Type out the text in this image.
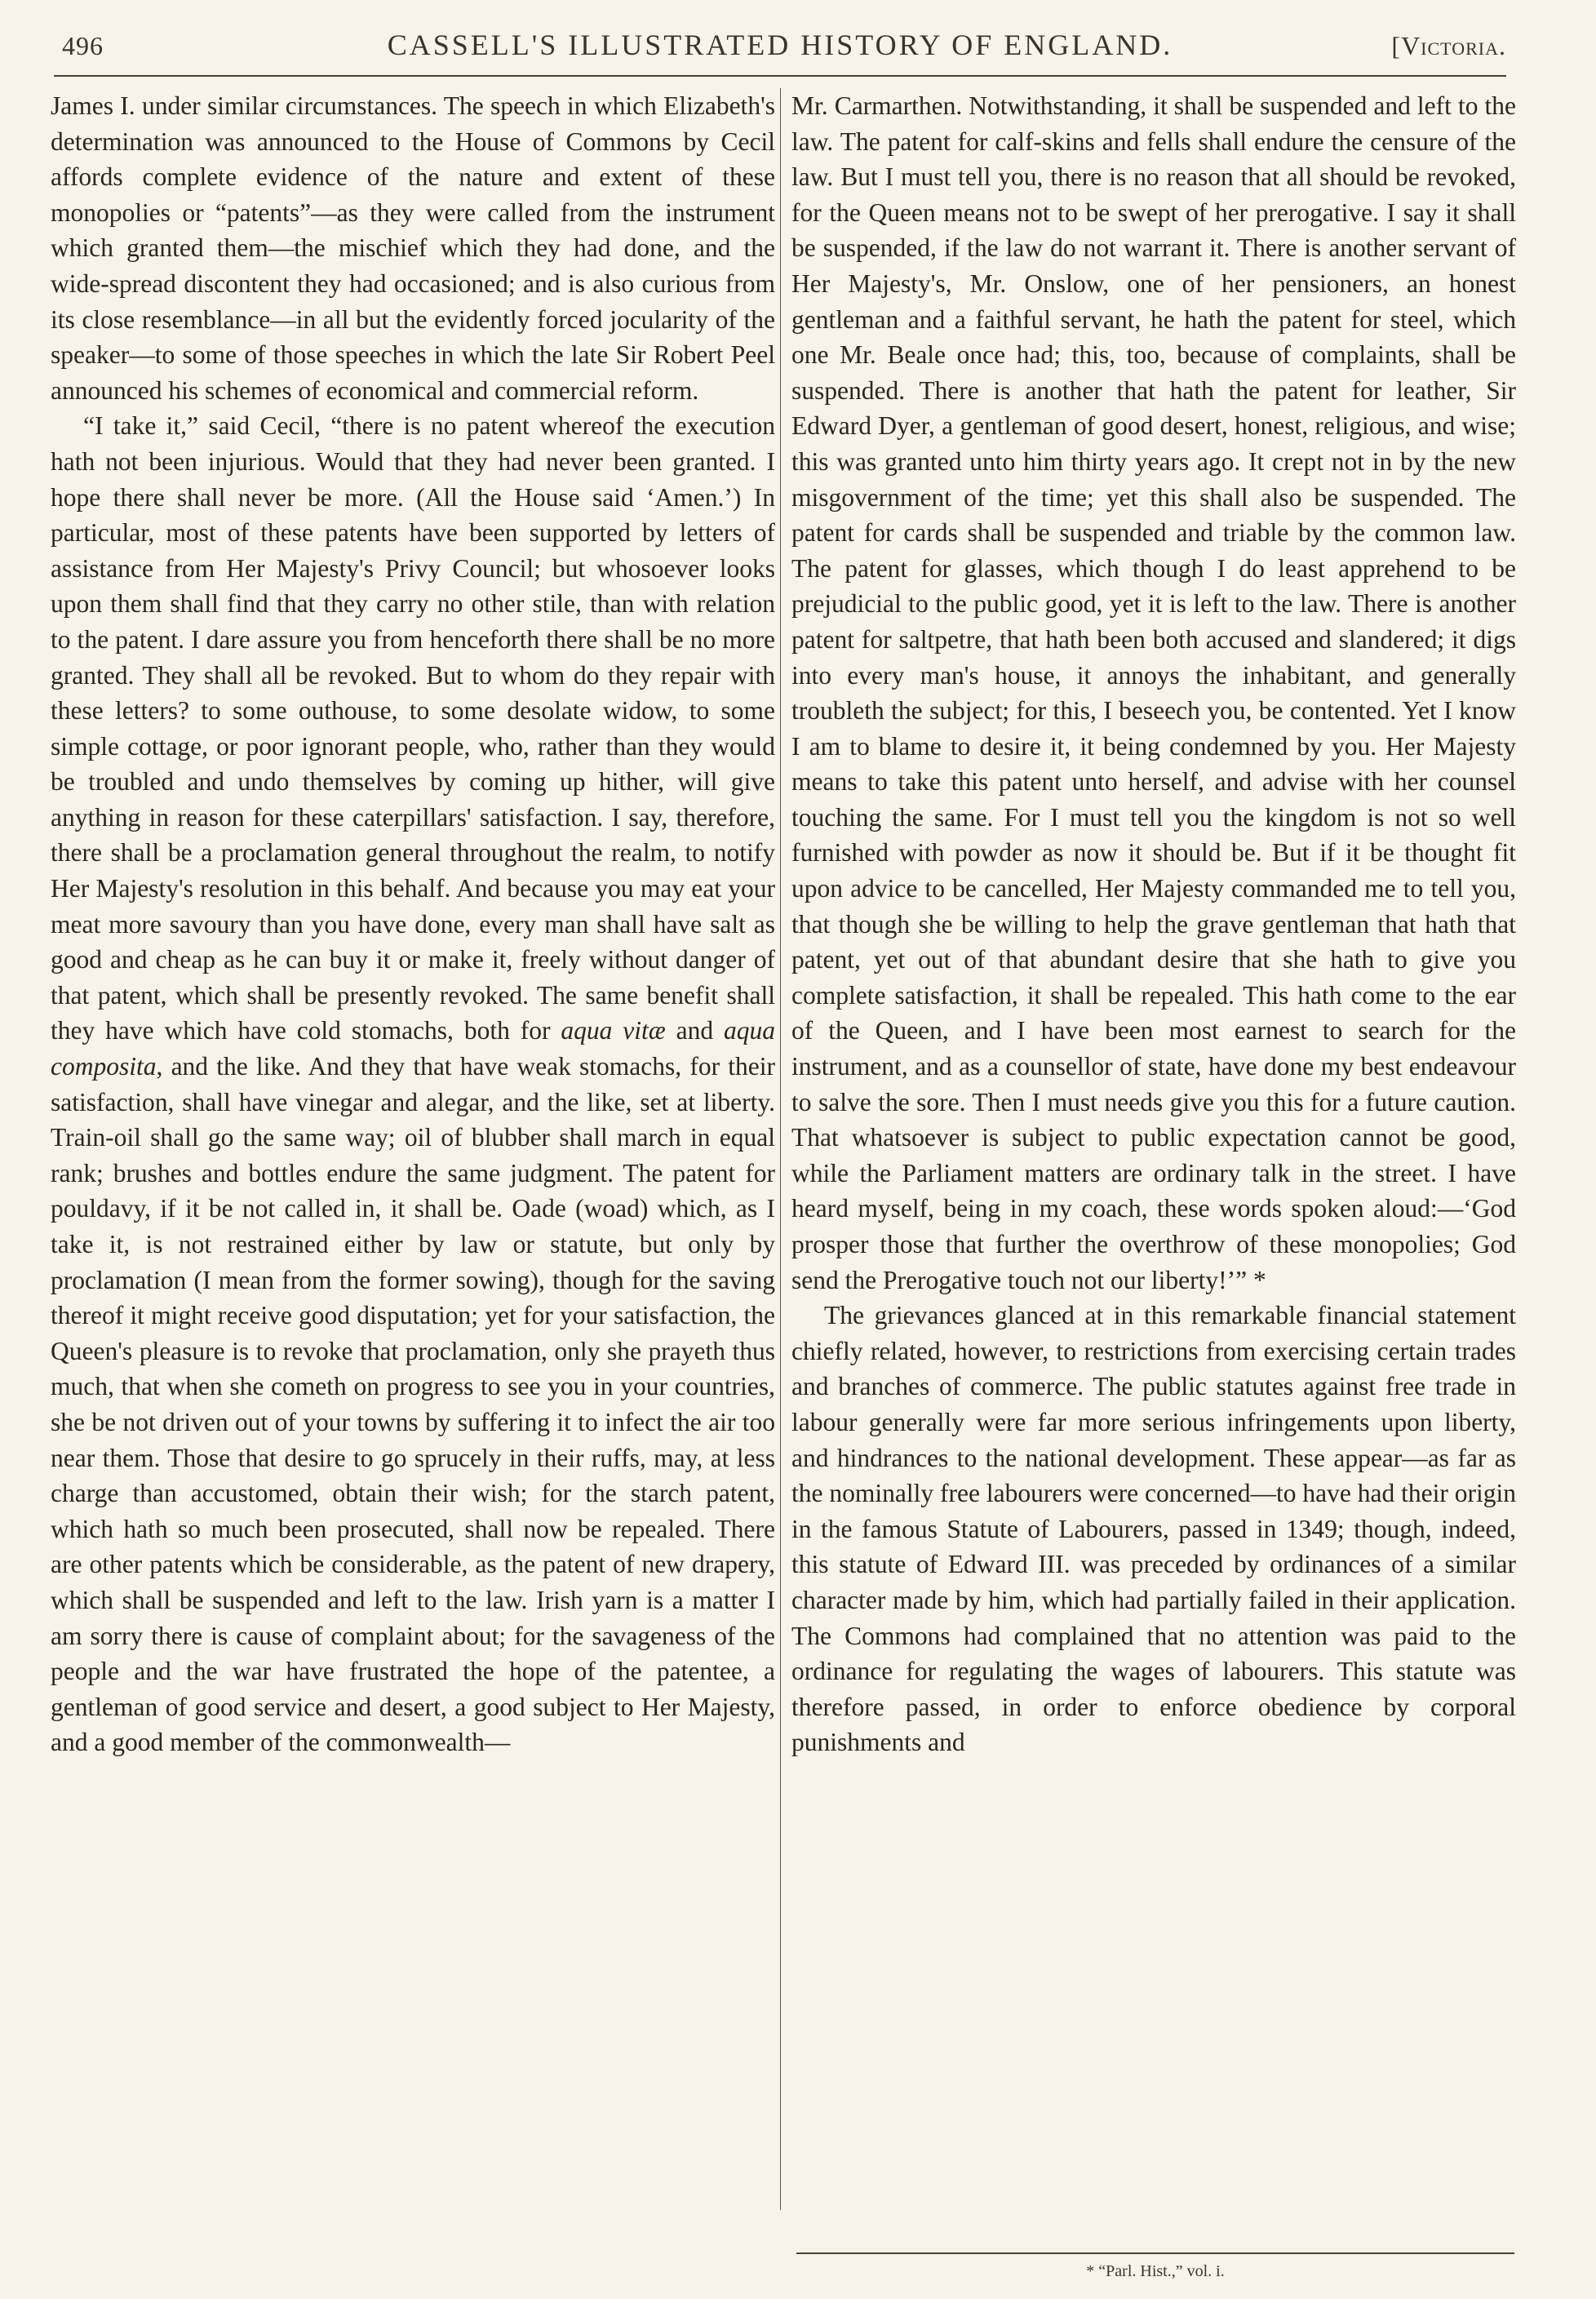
496	CASSELL'S ILLUSTRATED HISTORY OF ENGLAND.	[Victoria.

James I. under similar circumstances. The speech in which Elizabeth's determination was announced to the House of Commons by Cecil affords complete evidence of the nature and extent of these monopolies or “patents”—as they were called from the instrument which granted them—the mischief which they had done, and the wide-spread discontent they had occasioned; and is also curious from its close resemblance—in all but the evidently forced jocularity of the speaker—to some of those speeches in which the late Sir Robert Peel announced his schemes of economical and commercial reform.

“I take it,” said Cecil, “there is no patent whereof the execution hath not been injurious. Would that they had never been granted. I hope there shall never be more. (All the House said ‘Amen.’) In particular, most of these patents have been supported by letters of assistance from Her Majesty's Privy Council; but whosoever looks upon them shall find that they carry no other stile, than with relation to the patent. I dare assure you from henceforth there shall be no more granted. They shall all be revoked. But to whom do they repair with these letters? to some outhouse, to some desolate widow, to some simple cottage, or poor ignorant people, who, rather than they would be troubled and undo themselves by coming up hither, will give anything in reason for these caterpillars' satisfaction. I say, therefore, there shall be a proclamation general throughout the realm, to notify Her Majesty's resolution in this behalf. And because you may eat your meat more savoury than you have done, every man shall have salt as good and cheap as he can buy it or make it, freely without danger of that patent, which shall be presently revoked. The same benefit shall they have which have cold stomachs, both for aqua vitæ and aqua composita, and the like. And they that have weak stomachs, for their satisfaction, shall have vinegar and alegar, and the like, set at liberty. Train-oil shall go the same way; oil of blubber shall march in equal rank; brushes and bottles endure the same judgment. The patent for pouldavy, if it be not called in, it shall be. Oade (woad) which, as I take it, is not restrained either by law or statute, but only by proclamation (I mean from the former sowing), though for the saving thereof it might receive good disputation; yet for your satisfaction, the Queen's pleasure is to revoke that proclamation, only she prayeth thus much, that when she cometh on progress to see you in your countries, she be not driven out of your towns by suffering it to infect the air too near them. Those that desire to go sprucely in their ruffs, may, at less charge than accustomed, obtain their wish; for the starch patent, which hath so much been prosecuted, shall now be repealed. There are other patents which be considerable, as the patent of new drapery, which shall be suspended and left to the law. Irish yarn is a matter I am sorry there is cause of complaint about; for the savageness of the people and the war have frustrated the hope of the patentee, a gentleman of good service and desert, a good subject to Her Majesty, and a good member of the commonwealth—

Mr. Carmarthen. Notwithstanding, it shall be suspended and left to the law. The patent for calf-skins and fells shall endure the censure of the law. But I must tell you, there is no reason that all should be revoked, for the Queen means not to be swept of her prerogative. I say it shall be suspended, if the law do not warrant it. There is another servant of Her Majesty's, Mr. Onslow, one of her pensioners, an honest gentleman and a faithful servant, he hath the patent for steel, which one Mr. Beale once had; this, too, because of complaints, shall be suspended. There is another that hath the patent for leather, Sir Edward Dyer, a gentleman of good desert, honest, religious, and wise; this was granted unto him thirty years ago. It crept not in by the new misgovernment of the time; yet this shall also be suspended. The patent for cards shall be suspended and triable by the common law. The patent for glasses, which though I do least apprehend to be prejudicial to the public good, yet it is left to the law. There is another patent for saltpetre, that hath been both accused and slandered; it digs into every man's house, it annoys the inhabitant, and generally troubleth the subject; for this, I beseech you, be contented. Yet I know I am to blame to desire it, it being condemned by you. Her Majesty means to take this patent unto herself, and advise with her counsel touching the same. For I must tell you the kingdom is not so well furnished with powder as now it should be. But if it be thought fit upon advice to be cancelled, Her Majesty commanded me to tell you, that though she be willing to help the grave gentleman that hath that patent, yet out of that abundant desire that she hath to give you complete satisfaction, it shall be repealed. This hath come to the ear of the Queen, and I have been most earnest to search for the instrument, and as a counsellor of state, have done my best endeavour to salve the sore. Then I must needs give you this for a future caution. That whatsoever is subject to public expectation cannot be good, while the Parliament matters are ordinary talk in the street. I have heard myself, being in my coach, these words spoken aloud:—‘God prosper those that further the overthrow of these monopolies; God send the Prerogative touch not our liberty!’” *

The grievances glanced at in this remarkable financial statement chiefly related, however, to restrictions from exercising certain trades and branches of commerce. The public statutes against free trade in labour generally were far more serious infringements upon liberty, and hindrances to the national development. These appear—as far as the nominally free labourers were concerned—to have had their origin in the famous Statute of Labourers, passed in 1349; though, indeed, this statute of Edward III. was preceded by ordinances of a similar character made by him, which had partially failed in their application. The Commons had complained that no attention was paid to the ordinance for regulating the wages of labourers. This statute was therefore passed, in order to enforce obedience by corporal punishments and

* “Parl. Hist.,” vol. i.
